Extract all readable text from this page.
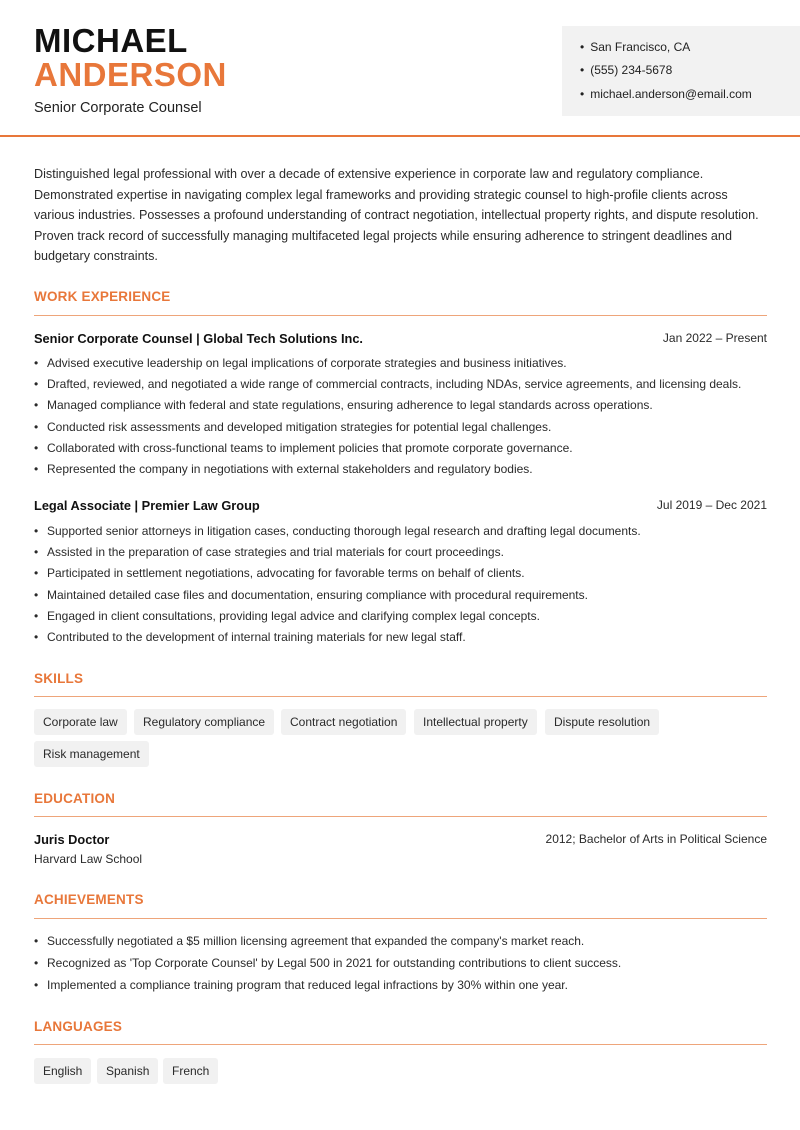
MICHAEL
ANDERSON
Senior Corporate Counsel
• San Francisco, CA
• (555) 234-5678
• michael.anderson@email.com

Distinguished legal professional with over a decade of extensive experience in corporate law and regulatory compliance. Demonstrated expertise in navigating complex legal frameworks and providing strategic counsel to high-profile clients across various industries. Possesses a profound understanding of contract negotiation, intellectual property rights, and dispute resolution. Proven track record of successfully managing multifaceted legal projects while ensuring adherence to stringent deadlines and budgetary constraints.

WORK EXPERIENCE
Senior Corporate Counsel | Global Tech Solutions Inc.	Jan 2022 – Present
• Advised executive leadership on legal implications of corporate strategies and business initiatives.
• Drafted, reviewed, and negotiated a wide range of commercial contracts, including NDAs, service agreements, and licensing deals.
• Managed compliance with federal and state regulations, ensuring adherence to legal standards across operations.
• Conducted risk assessments and developed mitigation strategies for potential legal challenges.
• Collaborated with cross-functional teams to implement policies that promote corporate governance.
• Represented the company in negotiations with external stakeholders and regulatory bodies.
Legal Associate | Premier Law Group	Jul 2019 – Dec 2021
• Supported senior attorneys in litigation cases, conducting thorough legal research and drafting legal documents.
• Assisted in the preparation of case strategies and trial materials for court proceedings.
• Participated in settlement negotiations, advocating for favorable terms on behalf of clients.
• Maintained detailed case files and documentation, ensuring compliance with procedural requirements.
• Engaged in client consultations, providing legal advice and clarifying complex legal concepts.
• Contributed to the development of internal training materials for new legal staff.
SKILLS
Corporate law	Regulatory compliance	Contract negotiation	Intellectual property	Dispute resolution
Risk management
EDUCATION
Juris Doctor	2012; Bachelor of Arts in Political Science
Harvard Law School
ACHIEVEMENTS
• Successfully negotiated a $5 million licensing agreement that expanded the company's market reach.
• Recognized as 'Top Corporate Counsel' by Legal 500 in 2021 for outstanding contributions to client success.
• Implemented a compliance training program that reduced legal infractions by 30% within one year.
LANGUAGES
English	Spanish	French
